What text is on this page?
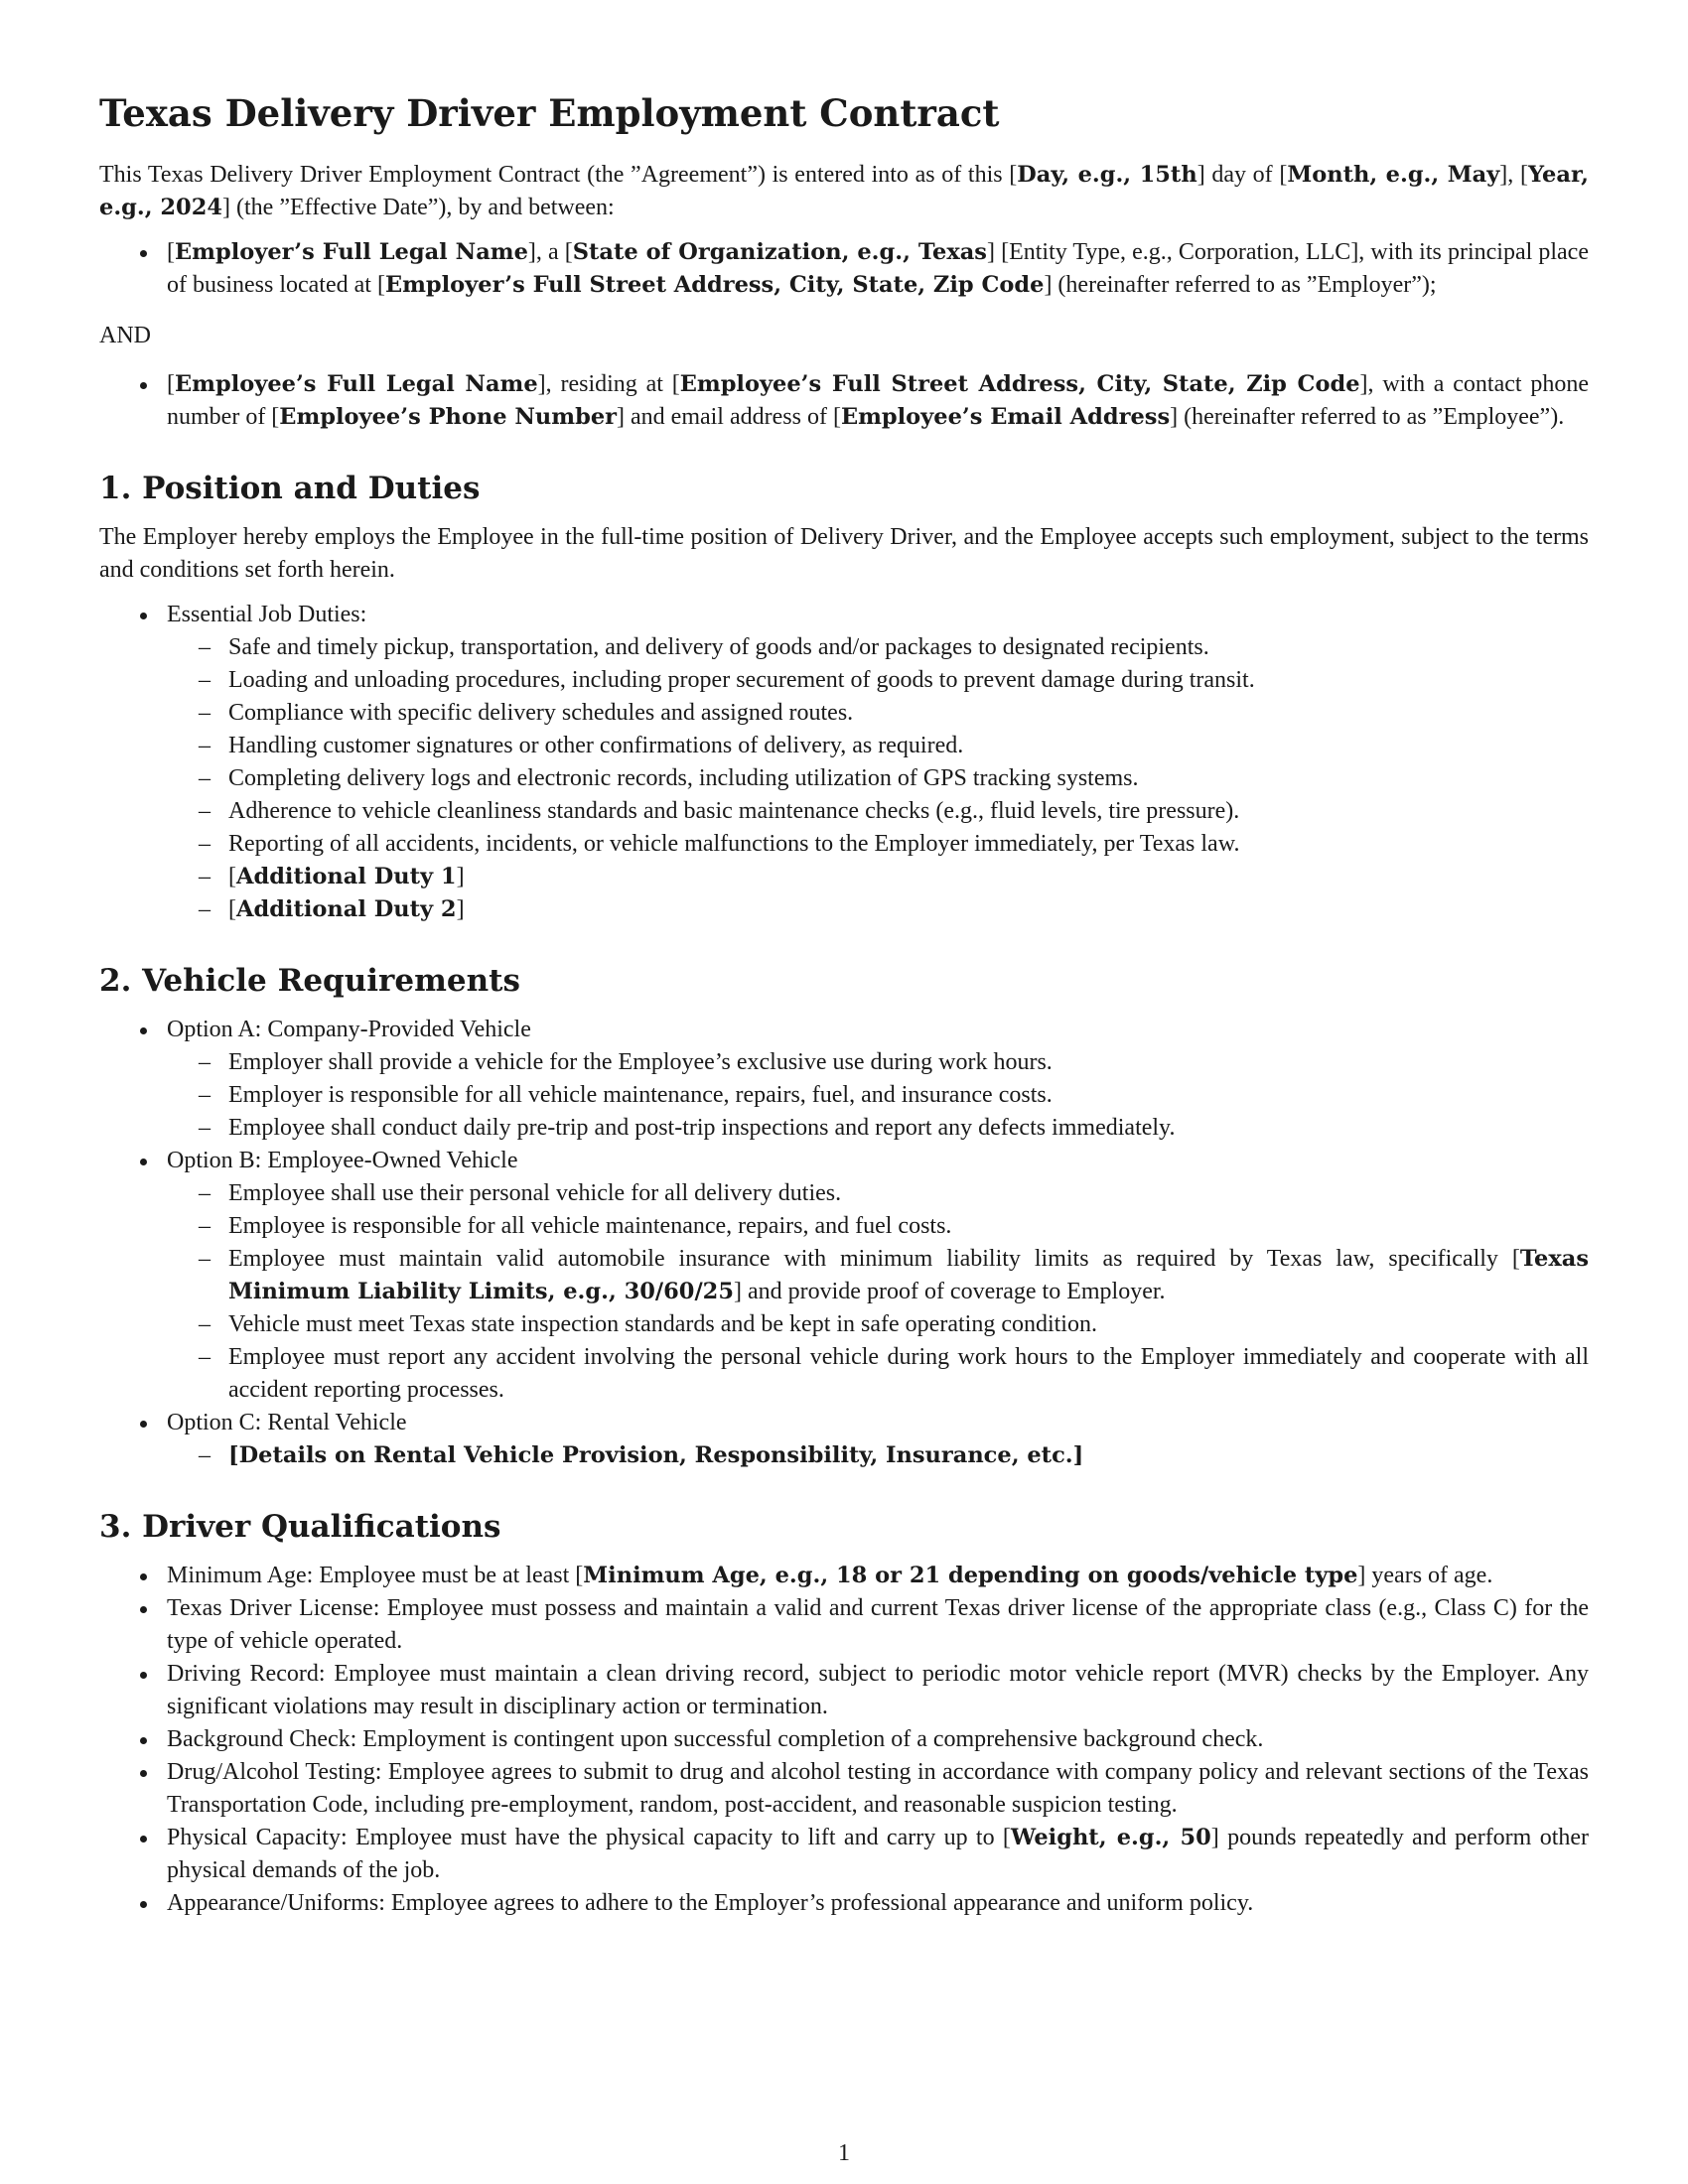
Texas Delivery Driver Employment Contract

This Texas Delivery Driver Employment Contract (the ”Agreement”) is entered into as of this [Day, e.g., 15th] day of [Month, e.g., May], [Year, e.g., 2024] (the ”Effective Date”), by and between:

[Employer’s Full Legal Name], a [State of Organization, e.g., Texas] [Entity Type, e.g., Corporation, LLC], with its principal place of business located at [Employer’s Full Street Address, City, State, Zip Code] (hereinafter referred to as ”Employer”);

AND

[Employee’s Full Legal Name], residing at [Employee’s Full Street Address, City, State, Zip Code], with a contact phone number of [Employee’s Phone Number] and email address of [Employee’s Email Address] (hereinafter referred to as ”Employee”).
1. Position and Duties

The Employer hereby employs the Employee in the full-time position of Delivery Driver, and the Employee accepts such employment, subject to the terms and conditions set forth herein.

Essential Job Duties:
– Safe and timely pickup, transportation, and delivery of goods and/or packages to designated recipients.
– Loading and unloading procedures, including proper securement of goods to prevent damage during transit.
– Compliance with specific delivery schedules and assigned routes.
– Handling customer signatures or other confirmations of delivery, as required.
– Completing delivery logs and electronic records, including utilization of GPS tracking systems.
– Adherence to vehicle cleanliness standards and basic maintenance checks (e.g., fluid levels, tire pressure).
– Reporting of all accidents, incidents, or vehicle malfunctions to the Employer immediately, per Texas law.
– [Additional Duty 1]
– [Additional Duty 2]
2. Vehicle Requirements
Option A: Company-Provided Vehicle
– Employer shall provide a vehicle for the Employee’s exclusive use during work hours.
– Employer is responsible for all vehicle maintenance, repairs, fuel, and insurance costs.
– Employee shall conduct daily pre-trip and post-trip inspections and report any defects immediately.
Option B: Employee-Owned Vehicle
– Employee shall use their personal vehicle for all delivery duties.
– Employee is responsible for all vehicle maintenance, repairs, and fuel costs.
– Employee must maintain valid automobile insurance with minimum liability limits as required by Texas law, specifically [Texas Minimum Liability Limits, e.g., 30/60/25] and provide proof of coverage to Employer.
– Vehicle must meet Texas state inspection standards and be kept in safe operating condition.
– Employee must report any accident involving the personal vehicle during work hours to the Employer immediately and cooperate with all accident reporting processes.
Option C: Rental Vehicle
– [Details on Rental Vehicle Provision, Responsibility, Insurance, etc.]
3. Driver Qualifications
Minimum Age: Employee must be at least [Minimum Age, e.g., 18 or 21 depending on goods/vehicle type] years of age.
Texas Driver License: Employee must possess and maintain a valid and current Texas driver license of the appropriate class (e.g., Class C) for the type of vehicle operated.
Driving Record: Employee must maintain a clean driving record, subject to periodic motor vehicle report (MVR) checks by the Employer. Any significant violations may result in disciplinary action or termination.
Background Check: Employment is contingent upon successful completion of a comprehensive background check.
Drug/Alcohol Testing: Employee agrees to submit to drug and alcohol testing in accordance with company policy and relevant sections of the Texas Transportation Code, including pre-employment, random, post-accident, and reasonable suspicion testing.
Physical Capacity: Employee must have the physical capacity to lift and carry up to [Weight, e.g., 50] pounds repeatedly and perform other physical demands of the job.
Appearance/Uniforms: Employee agrees to adhere to the Employer’s professional appearance and uniform policy.
1
